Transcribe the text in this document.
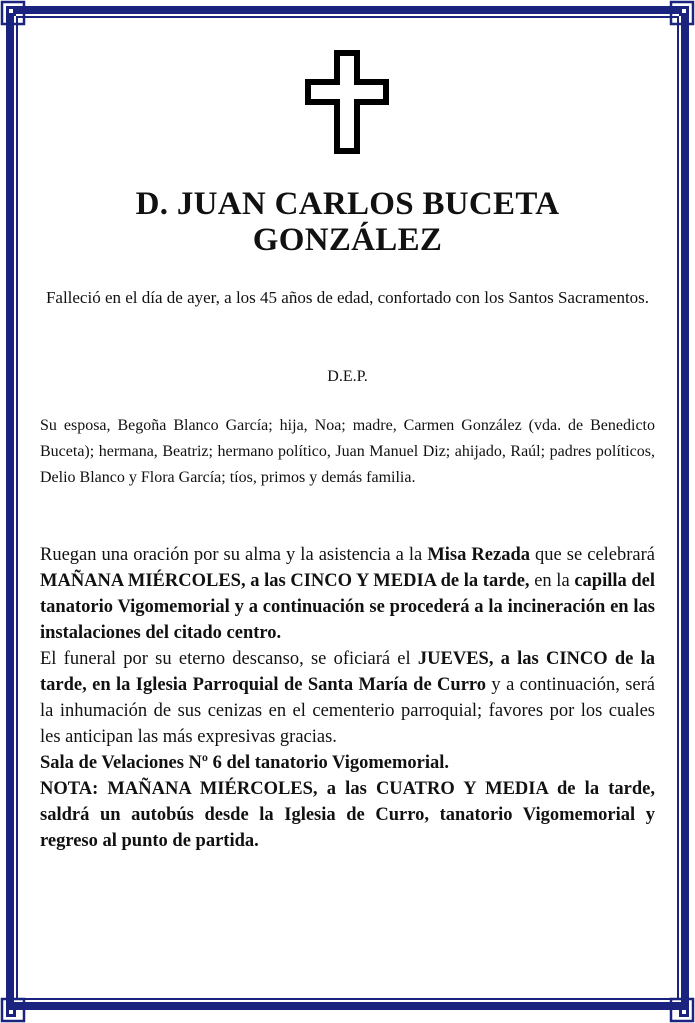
D. JUAN CARLOS BUCETA
GONZÁLEZ
Falleció en el día de ayer, a los 45 años de edad, confortado con los Santos Sacramentos.
D.E.P.
Su esposa, Begoña Blanco García; hija, Noa; madre, Carmen González (vda. de Benedicto Buceta); hermana, Beatriz; hermano político, Juan Manuel Diz; ahijado, Raúl; padres políticos, Delio Blanco y Flora García; tíos, primos y demás familia.

Ruegan una oración por su alma y la asistencia a la Misa Rezada que se celebrará MAÑANA MIÉRCOLES, a las CINCO Y MEDIA de la tarde, en la capilla del tanatorio Vigomemorial y a continuación se procederá a la incineración en las instalaciones del citado centro.

El funeral por su eterno descanso, se oficiará el JUEVES, a las CINCO de la tarde, en la Iglesia Parroquial de Santa María de Curro y a continuación, será la inhumación de sus cenizas en el cementerio parroquial; favores por los cuales les anticipan las más expresivas gracias.

Sala de Velaciones Nº 6 del tanatorio Vigomemorial.

NOTA: MAÑANA MIÉRCOLES, a las CUATRO Y MEDIA de la tarde, saldrá un autobús desde la Iglesia de Curro, tanatorio Vigomemorial y regreso al punto de partida.
